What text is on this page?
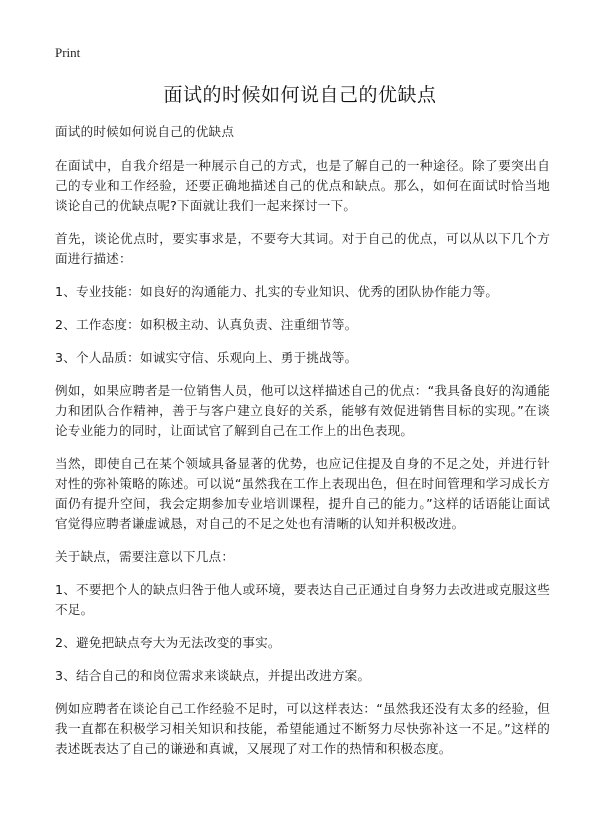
Print
面试的时候如何说自己的优缺点

面试的时候如何说自己的优缺点

在面试中，自我介绍是一种展示自己的方式，也是了解自己的一种途径。除了要突出自己的专业和工作经验，还要正确地描述自己的优点和缺点。那么，如何在面试时恰当地谈论自己的优缺点呢?下面就让我们一起来探讨一下。

首先，谈论优点时，要实事求是，不要夸大其词。对于自己的优点，可以从以下几个方面进行描述：

1、专业技能：如良好的沟通能力、扎实的专业知识、优秀的团队协作能力等。

2、工作态度：如积极主动、认真负责、注重细节等。

3、个人品质：如诚实守信、乐观向上、勇于挑战等。

例如，如果应聘者是一位销售人员，他可以这样描述自己的优点：“我具备良好的沟通能力和团队合作精神，善于与客户建立良好的关系，能够有效促进销售目标的实现。”在谈论专业能力的同时，让面试官了解到自己在工作上的出色表现。

当然，即使自己在某个领域具备显著的优势，也应记住提及自身的不足之处，并进行针对性的弥补策略的陈述。可以说“虽然我在工作上表现出色，但在时间管理和学习成长方面仍有提升空间，我会定期参加专业培训课程，提升自己的能力。”这样的话语能让面试官觉得应聘者谦虚诚恳，对自己的不足之处也有清晰的认知并积极改进。

关于缺点，需要注意以下几点：

1、不要把个人的缺点归咎于他人或环境，要表达自己正通过自身努力去改进或克服这些不足。

2、避免把缺点夸大为无法改变的事实。

3、结合自己的和岗位需求来谈缺点，并提出改进方案。

例如应聘者在谈论自己工作经验不足时，可以这样表达：“虽然我还没有太多的经验，但我一直都在积极学习相关知识和技能，希望能通过不断努力尽快弥补这一不足。”这样的表述既表达了自己的谦逊和真诚，又展现了对工作的热情和积极态度。
